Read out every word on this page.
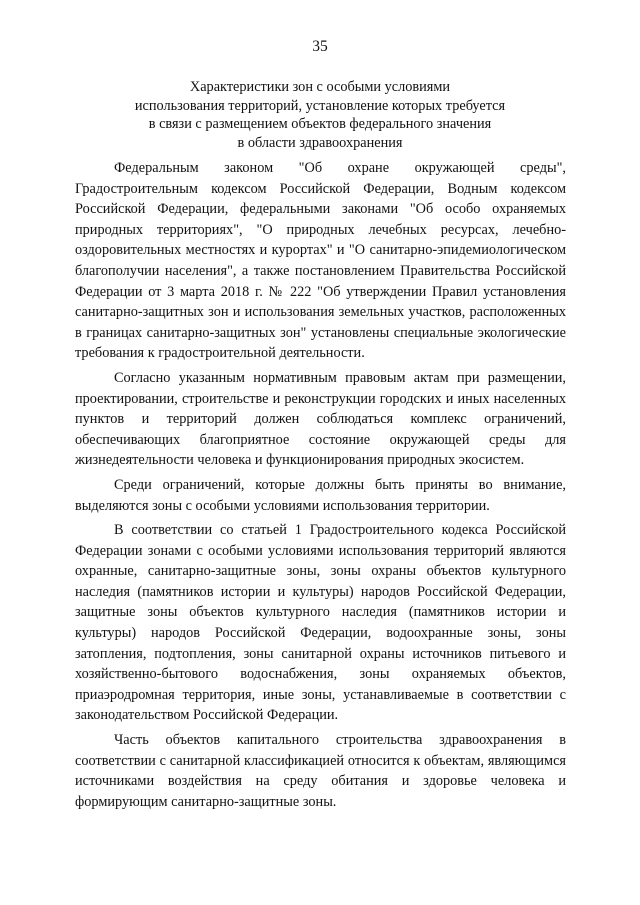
35
Характеристики зон с особыми условиями
использования территорий, установление которых требуется
в связи с размещением объектов федерального значения
в области здравоохранения

Федеральным законом "Об охране окружающей среды", Градостроительным кодексом Российской Федерации, Водным кодексом Российской Федерации, федеральными законами "Об особо охраняемых природных территориях", "О природных лечебных ресурсах, лечебно-оздоровительных местностях и курортах" и "О санитарно-эпидемиологическом благополучии населения", а также постановлением Правительства Российской Федерации от 3 марта 2018 г. № 222 "Об утверждении Правил установления санитарно-защитных зон и использования земельных участков, расположенных в границах санитарно-защитных зон" установлены специальные экологические требования к градостроительной деятельности.

Согласно указанным нормативным правовым актам при размещении, проектировании, строительстве и реконструкции городских и иных населенных пунктов и территорий должен соблюдаться комплекс ограничений, обеспечивающих благоприятное состояние окружающей среды для жизнедеятельности человека и функционирования природных экосистем.

Среди ограничений, которые должны быть приняты во внимание, выделяются зоны с особыми условиями использования территории.

В соответствии со статьей 1 Градостроительного кодекса Российской Федерации зонами с особыми условиями использования территорий являются охранные, санитарно-защитные зоны, зоны охраны объектов культурного наследия (памятников истории и культуры) народов Российской Федерации, защитные зоны объектов культурного наследия (памятников истории и культуры) народов Российской Федерации, водоохранные зоны, зоны затопления, подтопления, зоны санитарной охраны источников питьевого и хозяйственно-бытового водоснабжения, зоны охраняемых объектов, приаэродромная территория, иные зоны, устанавливаемые в соответствии с законодательством Российской Федерации.

Часть объектов капитального строительства здравоохранения в соответствии с санитарной классификацией относится к объектам, являющимся источниками воздействия на среду обитания и здоровье человека и формирующим санитарно-защитные зоны.
